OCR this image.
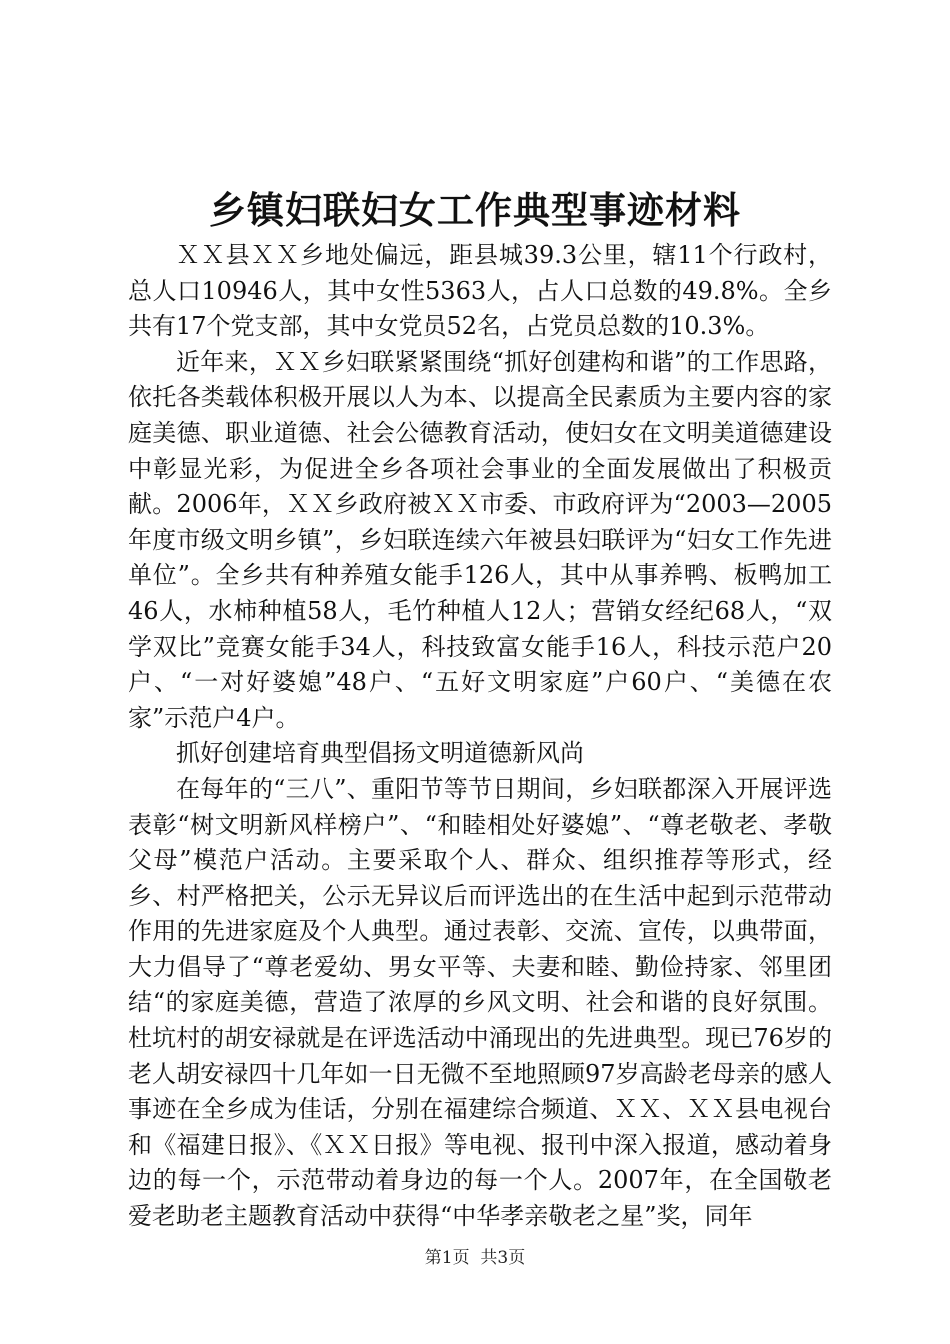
乡镇妇联妇女工作典型事迹材料

ＸＸ县ＸＸ乡地处偏远，距县城39.3公里，辖11个行政村，总人口10946人，其中女性5363人，占人口总数的49.8%。全乡共有17个党支部，其中女党员52名，占党员总数的10.3%。

近年来，ＸＸ乡妇联紧紧围绕“抓好创建构和谐”的工作思路，依托各类载体积极开展以人为本、以提高全民素质为主要内容的家庭美德、职业道德、社会公德教育活动，使妇女在文明美道德建设中彰显光彩，为促进全乡各项社会事业的全面发展做出了积极贡献。2006年，ＸＸ乡政府被ＸＸ市委、市政府评为“2003—2005年度市级文明乡镇”，乡妇联连续六年被县妇联评为“妇女工作先进单位”。全乡共有种养殖女能手126人，其中从事养鸭、板鸭加工46人，水柿种植58人，毛竹种植人12人；营销女经纪68人，“双学双比”竞赛女能手34人，科技致富女能手16人，科技示范户20户、“一对好婆媳”48户、“五好文明家庭”户60户、“美德在农家”示范户4户。

抓好创建培育典型倡扬文明道德新风尚

在每年的“三八”、重阳节等节日期间，乡妇联都深入开展评选表彰“树文明新风样榜户”、“和睦相处好婆媳”、“尊老敬老、孝敬父母”模范户活动。主要采取个人、群众、组织推荐等形式，经乡、村严格把关，公示无异议后而评选出的在生活中起到示范带动作用的先进家庭及个人典型。通过表彰、交流、宣传，以典带面，大力倡导了“尊老爱幼、男女平等、夫妻和睦、勤俭持家、邻里团结“的家庭美德，营造了浓厚的乡风文明、社会和谐的良好氛围。杜坑村的胡安禄就是在评选活动中涌现出的先进典型。现已76岁的老人胡安禄四十几年如一日无微不至地照顾97岁高龄老母亲的感人事迹在全乡成为佳话，分别在福建综合频道、ＸＸ、ＸＸ县电视台和《福建日报》、《ＸＸ日报》等电视、报刊中深入报道，感动着身边的每一个，示范带动着身边的每一个人。2007年，在全国敬老爱老助老主题教育活动中获得“中华孝亲敬老之星”奖，同年

第1页 共3页
